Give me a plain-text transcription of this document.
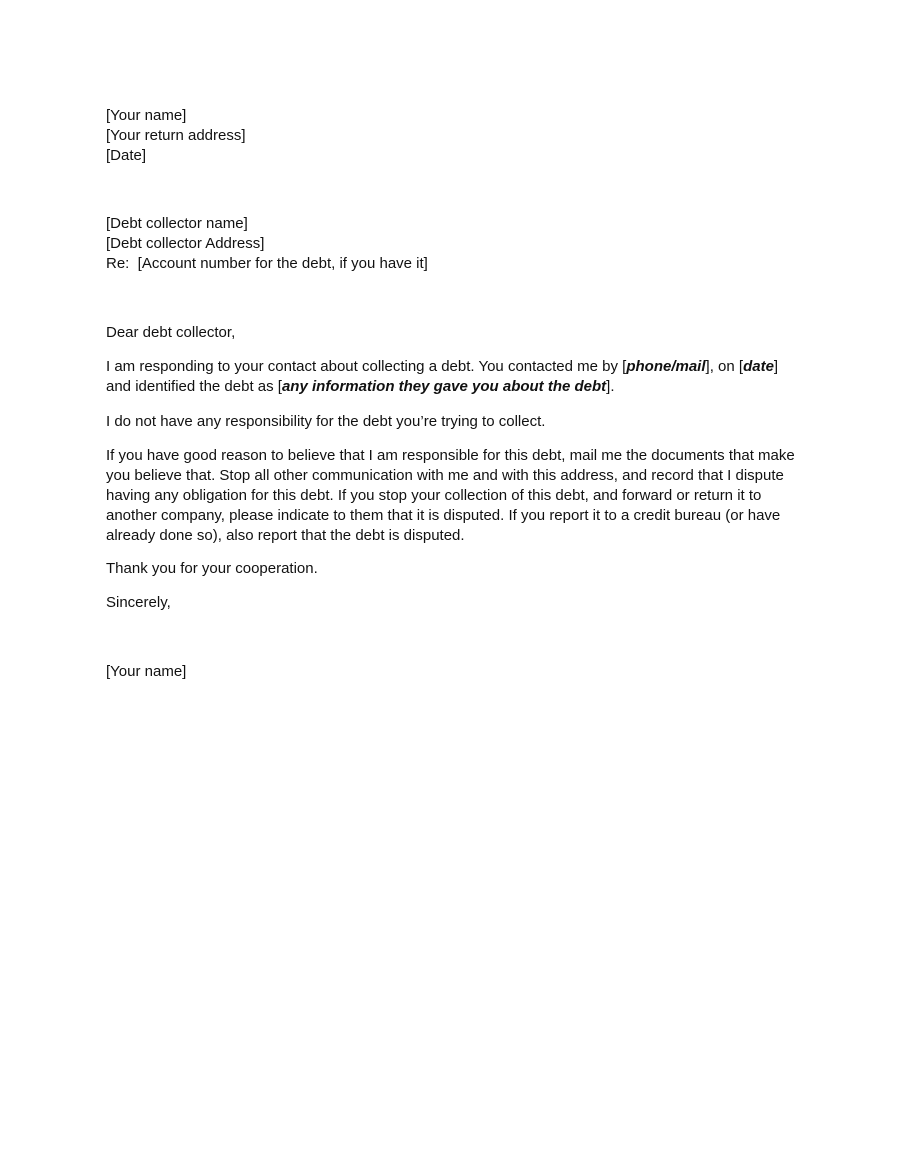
[Your name]
[Your return address]
[Date]
[Debt collector name]
[Debt collector Address]
Re:  [Account number for the debt, if you have it]
Dear debt collector,
I am responding to your contact about collecting a debt. You contacted me by [phone/mail], on [date]
and identified the debt as [any information they gave you about the debt].
I do not have any responsibility for the debt you’re trying to collect.
If you have good reason to believe that I am responsible for this debt, mail me the documents that make
you believe that. Stop all other communication with me and with this address, and record that I dispute
having any obligation for this debt. If you stop your collection of this debt, and forward or return it to
another company, please indicate to them that it is disputed. If you report it to a credit bureau (or have
already done so), also report that the debt is disputed.
Thank you for your cooperation.
Sincerely,
[Your name]
